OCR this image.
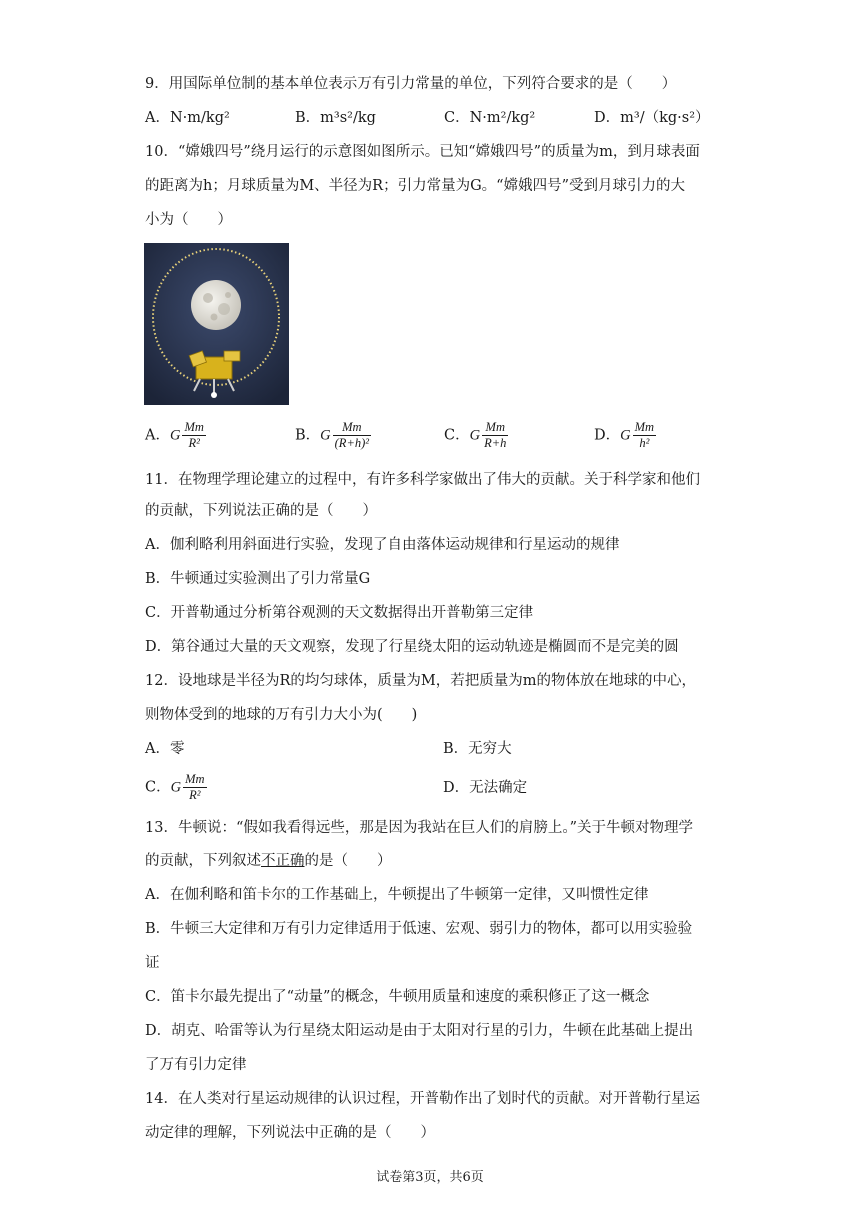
9．用国际单位制的基本单位表示万有引力常量的单位，下列符合要求的是（　　）
A．N·m/kg²	B．m³s²/kg	C．N·m²/kg²	D．m³/（kg·s²）
10．“嫦娥四号”绕月运行的示意图如图所示。已知“嫦娥四号”的质量为m，到月球表面
的距离为h；月球质量为M、半径为R；引力常量为G。“嫦娥四号”受到月球引力的大
小为（　　）
A．G $\frac{Mm}{\text{R²}}$	B．G $\frac{Mm}{\text{(R+h)²}}$	C．G $\frac{Mm}{R+h}$	D．G $\frac{Mm}{\text{h²}}$
11．在物理学理论建立的过程中，有许多科学家做出了伟大的贡献。关于科学家和他们
的贡献，下列说法正确的是（　　）
A．伽利略利用斜面进行实验，发现了自由落体运动规律和行星运动的规律
B．牛顿通过实验测出了引力常量G
C．开普勒通过分析第谷观测的天文数据得出开普勒第三定律
D．第谷通过大量的天文观察，发现了行星绕太阳的运动轨迹是椭圆而不是完美的圆
12．设地球是半径为R的均匀球体，质量为M，若把质量为m的物体放在地球的中心，
则物体受到的地球的万有引力大小为(　　)
A．零	B．无穷大
C．G $\frac{Mm}{\text{R²}}$	D．无法确定
13．牛顿说：“假如我看得远些，那是因为我站在巨人们的肩膀上。”关于牛顿对物理学
的贡献，下列叙述不正确的是（　　）
A．在伽利略和笛卡尔的工作基础上，牛顿提出了牛顿第一定律，又叫惯性定律
B．牛顿三大定律和万有引力定律适用于低速、宏观、弱引力的物体，都可以用实验验
证
C．笛卡尔最先提出了“动量”的概念，牛顿用质量和速度的乘积修正了这一概念
D．胡克、哈雷等认为行星绕太阳运动是由于太阳对行星的引力，牛顿在此基础上提出
了万有引力定律
14．在人类对行星运动规律的认识过程，开普勒作出了划时代的贡献。对开普勒行星运
动定律的理解，下列说法中正确的是（　　）
试卷第3页，共6页
